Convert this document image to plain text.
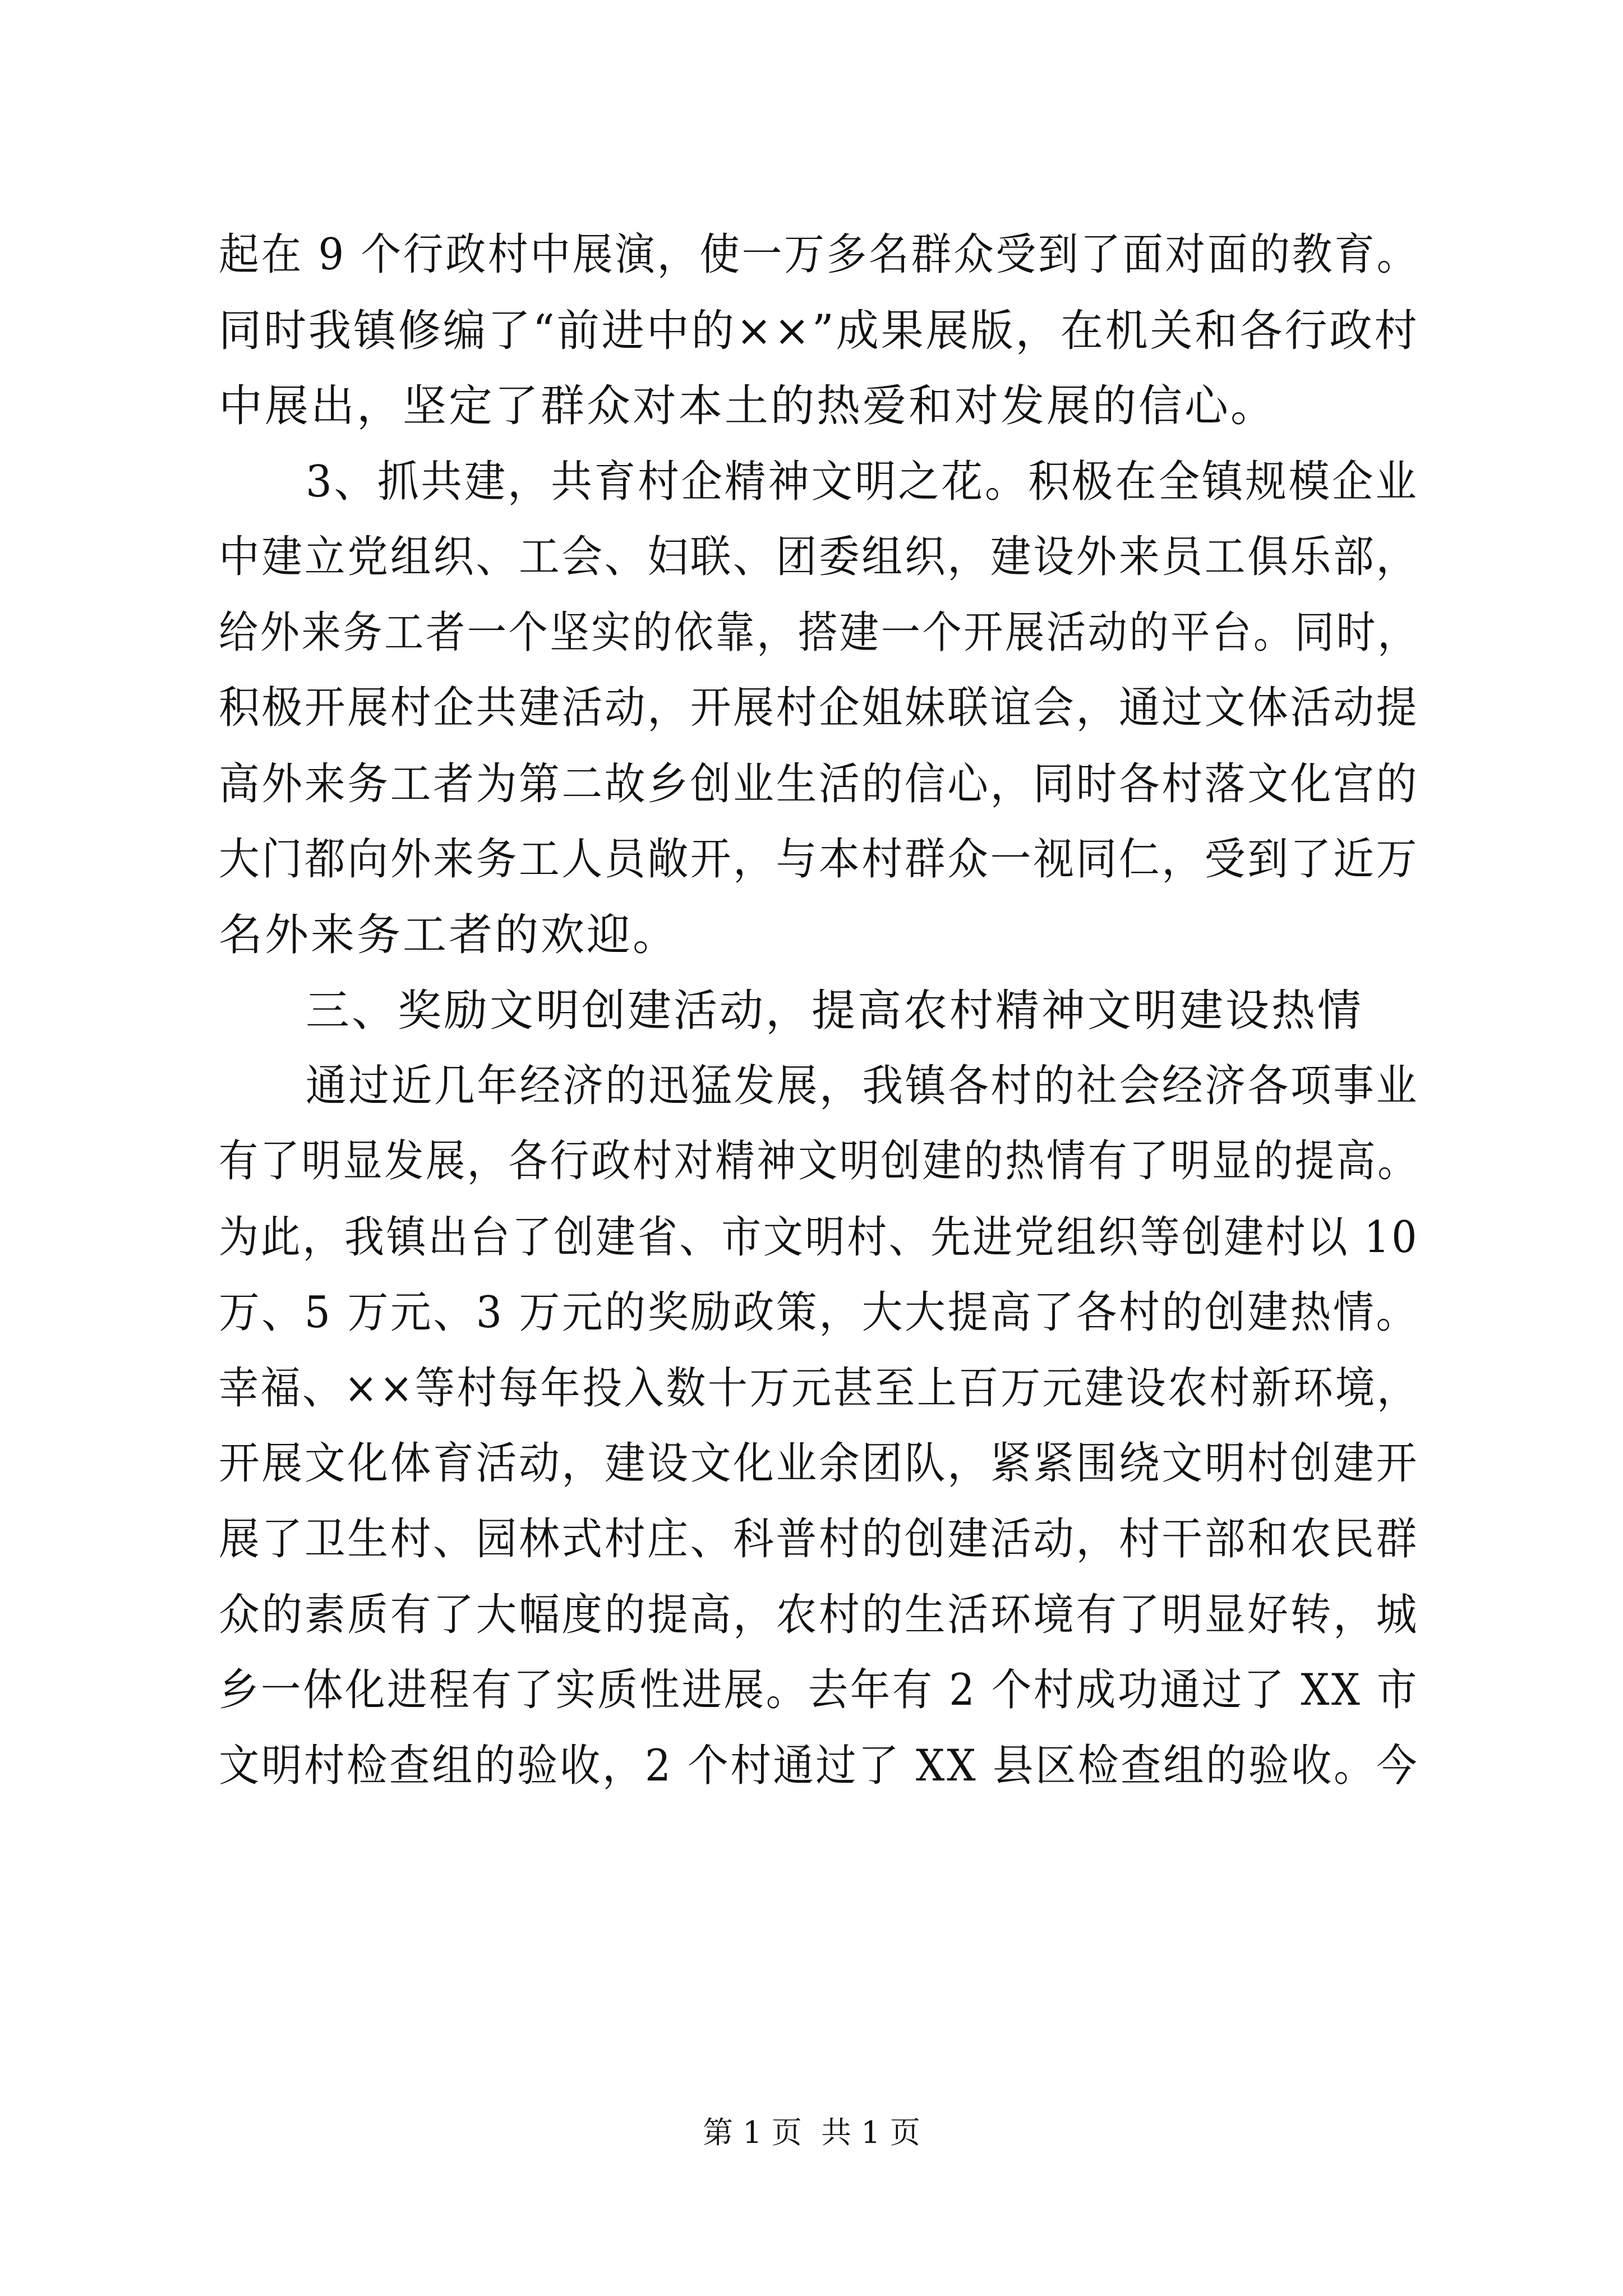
起在 9 个行政村中展演，使一万多名群众受到了面对面的教育。
同时我镇修编了“前进中的××”成果展版，在机关和各行政村
中展出，坚定了群众对本土的热爱和对发展的信心。
3、抓共建，共育村企精神文明之花。积极在全镇规模企业
中建立党组织、工会、妇联、团委组织，建设外来员工俱乐部，
给外来务工者一个坚实的依靠，搭建一个开展活动的平台。同时，
积极开展村企共建活动，开展村企姐妹联谊会，通过文体活动提
高外来务工者为第二故乡创业生活的信心，同时各村落文化宫的
大门都向外来务工人员敞开，与本村群众一视同仁，受到了近万
名外来务工者的欢迎。
三、奖励文明创建活动，提高农村精神文明建设热情
通过近几年经济的迅猛发展，我镇各村的社会经济各项事业
有了明显发展，各行政村对精神文明创建的热情有了明显的提高。
为此，我镇出台了创建省、市文明村、先进党组织等创建村以 10
万、5 万元、3 万元的奖励政策，大大提高了各村的创建热情。
幸福、××等村每年投入数十万元甚至上百万元建设农村新环境，
开展文化体育活动，建设文化业余团队，紧紧围绕文明村创建开
展了卫生村、园林式村庄、科普村的创建活动，村干部和农民群
众的素质有了大幅度的提高，农村的生活环境有了明显好转，城
乡一体化进程有了实质性进展。去年有 2 个村成功通过了 XX 市
文明村检查组的验收，2 个村通过了 XX 县区检查组的验收。今
第 1 页  共 1 页
